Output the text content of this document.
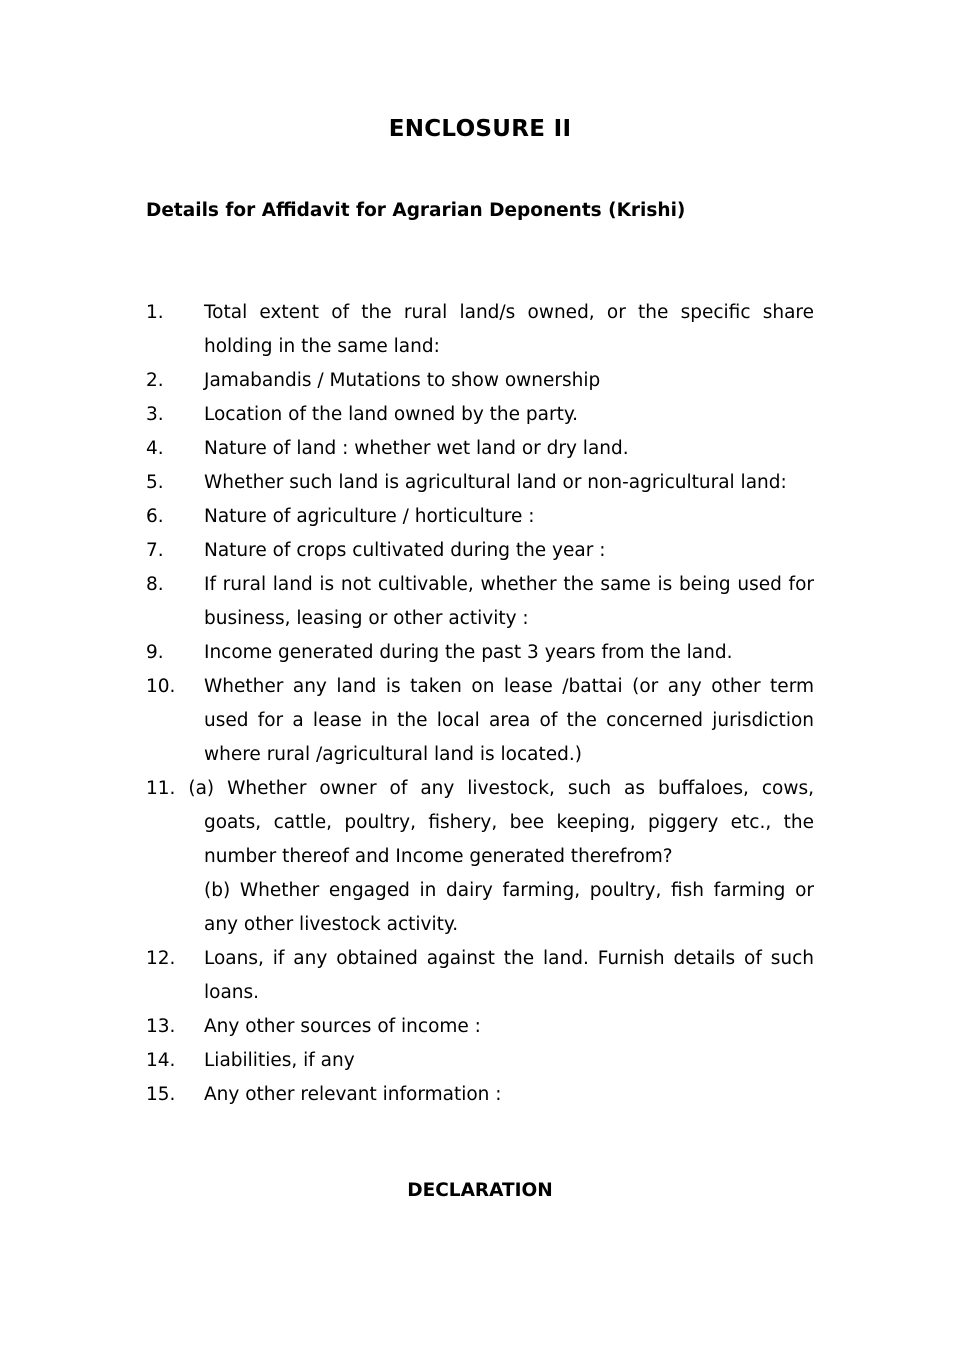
ENCLOSURE II
Details for Affidavit for Agrarian Deponents (Krishi)
1. Total extent of the rural land/s owned, or the specific share holding in the same land:
2. Jamabandis / Mutations to show ownership
3. Location of the land owned by the party.
4. Nature of land : whether wet land or dry land.
5. Whether such land is agricultural land or non-agricultural land:
6. Nature of agriculture / horticulture :
7. Nature of crops cultivated during the year :
8. If rural land is not cultivable, whether the same is being used for business, leasing or other activity :
9. Income generated during the past 3 years from the land.
10. Whether any land is taken on lease /battai (or any other term used for a lease in the local area of the concerned jurisdiction where rural /agricultural land is located.)
11. (a) Whether owner of any livestock, such as buffaloes, cows,
goats, cattle, poultry, fishery, bee keeping, piggery etc., the number thereof and Income generated therefrom?
(b) Whether engaged in dairy farming, poultry, fish farming or any other livestock activity.
12. Loans, if any obtained against the land. Furnish details of such loans.
13. Any other sources of income :
14. Liabilities, if any
15. Any other relevant information :
DECLARATION
